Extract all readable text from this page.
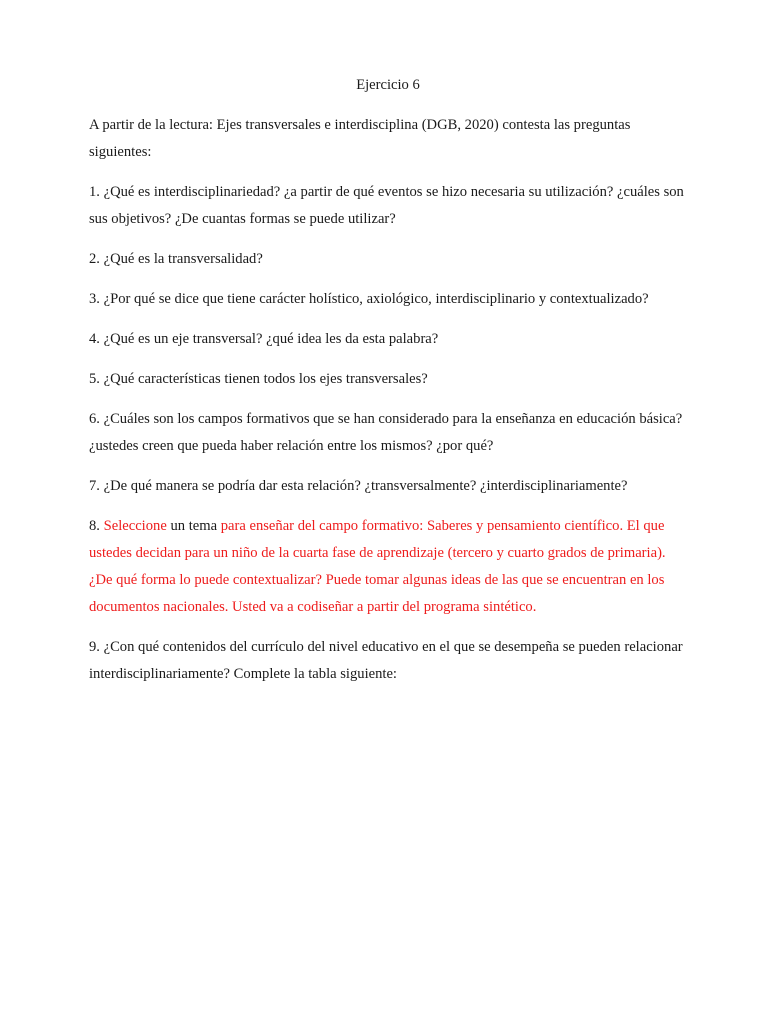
Ejercicio 6

A partir de la lectura: Ejes transversales e interdisciplina (DGB, 2020) contesta las preguntas siguientes:

1. ¿Qué es interdisciplinariedad? ¿a partir de qué eventos se hizo necesaria su utilización? ¿cuáles son sus objetivos? ¿De cuantas formas se puede utilizar?

2. ¿Qué es la transversalidad?

3. ¿Por qué se dice que tiene carácter holístico, axiológico, interdisciplinario y contextualizado?

4. ¿Qué es un eje transversal? ¿qué idea les da esta palabra?

5. ¿Qué características tienen todos los ejes transversales?

6. ¿Cuáles son los campos formativos que se han considerado para la enseñanza en educación básica? ¿ustedes creen que pueda haber relación entre los mismos? ¿por qué?

7. ¿De qué manera se podría dar esta relación? ¿transversalmente? ¿interdisciplinariamente?

8. Seleccione un tema para enseñar del campo formativo: Saberes y pensamiento científico. El que ustedes decidan para un niño de la cuarta fase de aprendizaje (tercero y cuarto grados de primaria). ¿De qué forma lo puede contextualizar? Puede tomar algunas ideas de las que se encuentran en los documentos nacionales. Usted va a codiseñar a partir del programa sintético.

9. ¿Con qué contenidos del currículo del nivel educativo en el que se desempeña se pueden relacionar interdisciplinariamente? Complete la tabla siguiente:
